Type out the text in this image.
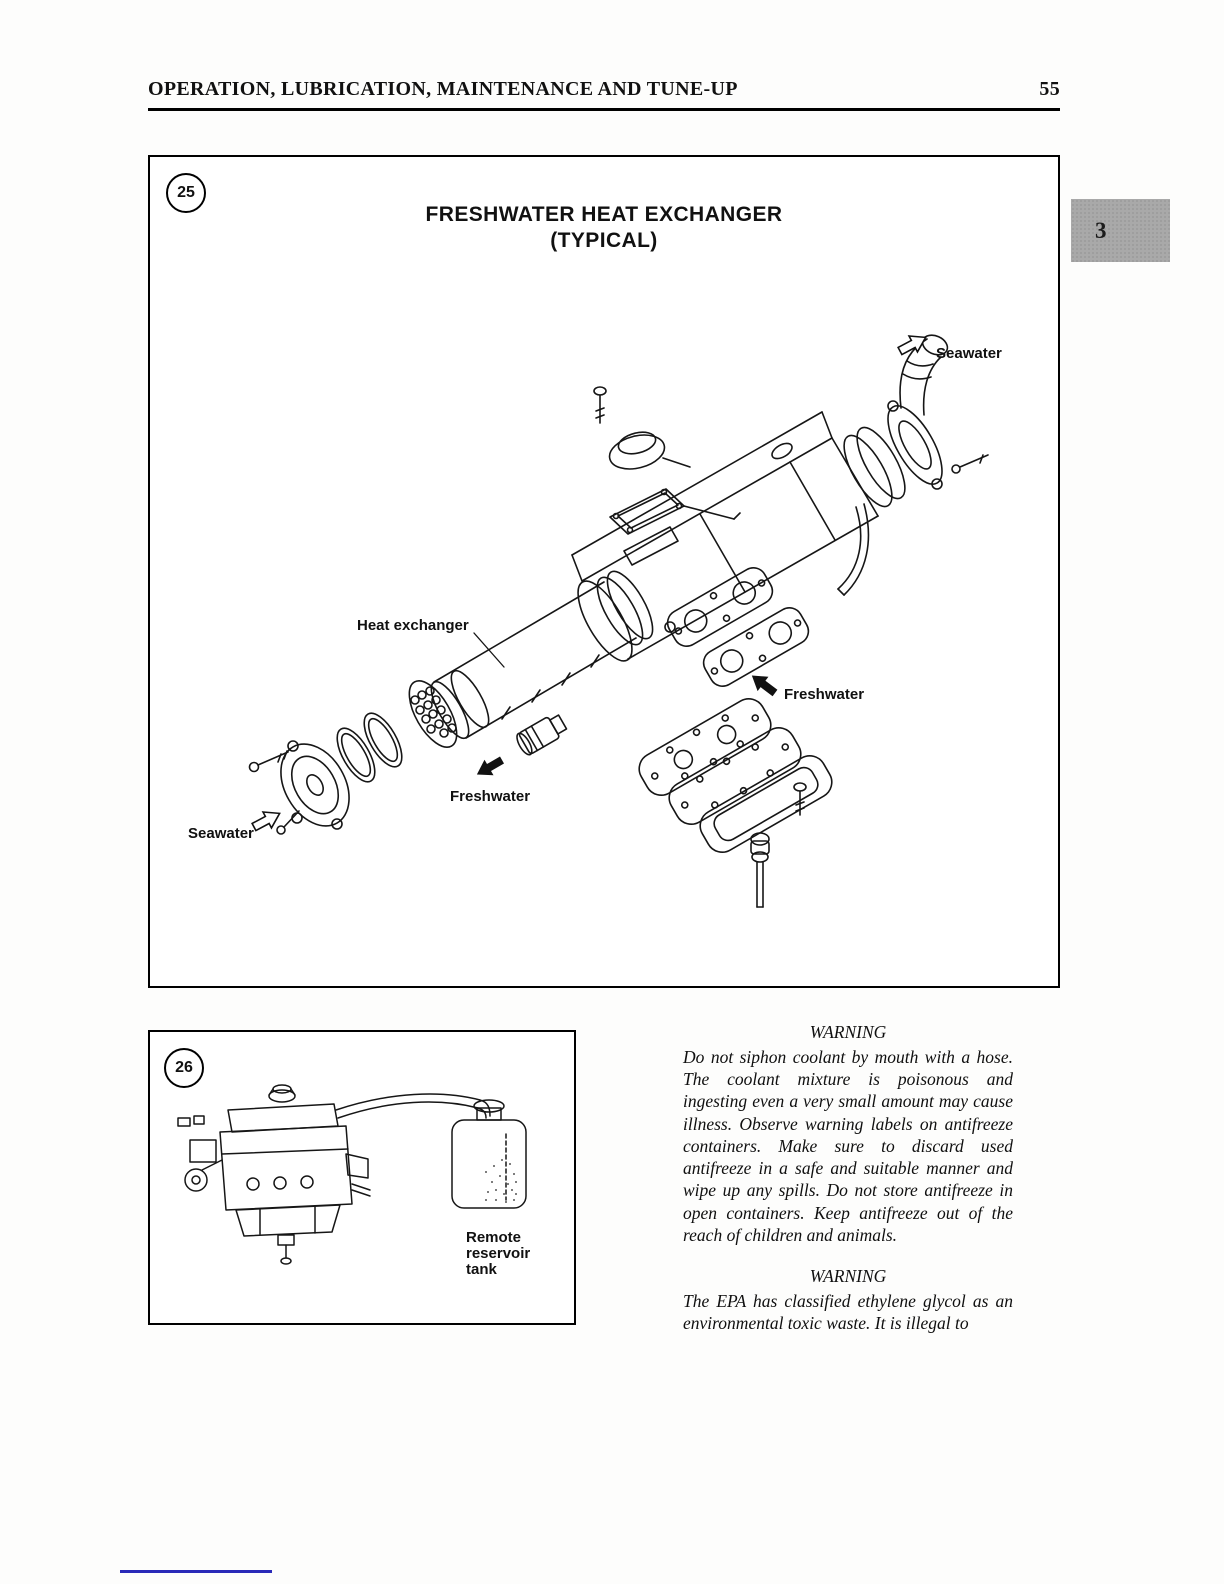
OPERATION, LUBRICATION, MAINTENANCE AND TUNE-UP	55
3
25
FRESHWATER HEAT EXCHANGER
(TYPICAL)
Seawater
Heat exchanger
Freshwater
Freshwater
Seawater
Remote
reservoir
tank
26

WARNING

Do not siphon coolant by mouth with a hose. The coolant mixture is poisonous and ingesting even a very small amount may cause illness. Observe warning labels on antifreeze containers. Make sure to discard used antifreeze in a safe and suitable manner and wipe up any spills. Do not store antifreeze in open containers. Keep antifreeze out of the reach of children and animals.

WARNING

The EPA has classified ethylene glycol as an environmental toxic waste. It is illegal to
